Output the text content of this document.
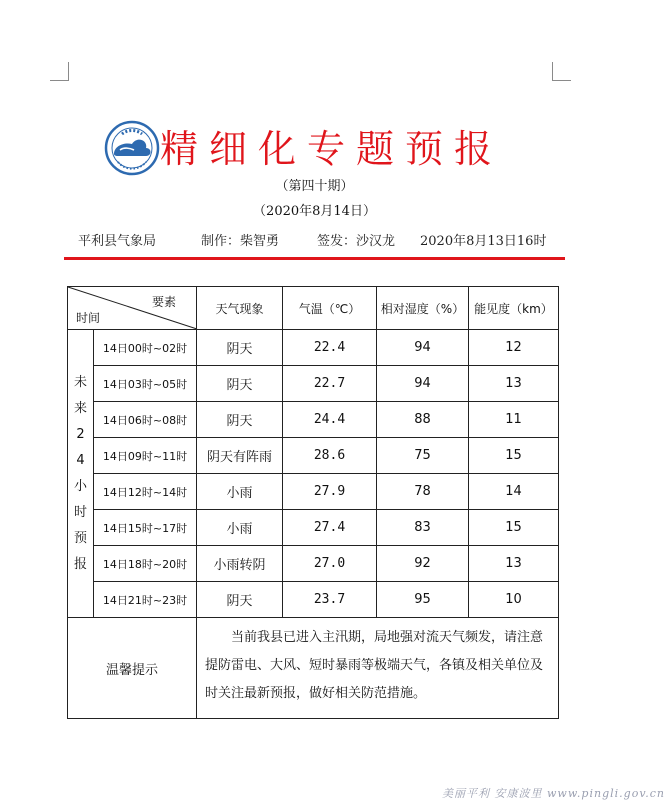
精细化专题预报
（第四十期）
（2020年8月14日）
平利县气象局	制作：柴智勇	签发：沙汉龙 2020年8月13日16时
要素
时间		天气现象	气温（℃）	相对湿度（%）	能见度（km）
未来24小时预报	14日00时~02时	阴天	22.4	94	12
	14日03时~05时	阴天	22.7	94	13
	14日06时~08时	阴天	24.4	88	11
	14日09时~11时	阴天有阵雨	28.6	75	15
	14日12时~14时	小雨	27.9	78	14
	14日15时~17时	小雨	27.4	83	15
	14日18时~20时	小雨转阴	27.0	92	13
	14日21时~23时	阴天	23.7	95	10
温馨提示		当前我县已进入主汛期，局地强对流天气频发，请注意提防雷电、大风、短时暴雨等极端天气，各镇及相关单位及时关注最新预报，做好相关防范措施。			
美丽平利 安康波里 www.pingli.gov.cn
